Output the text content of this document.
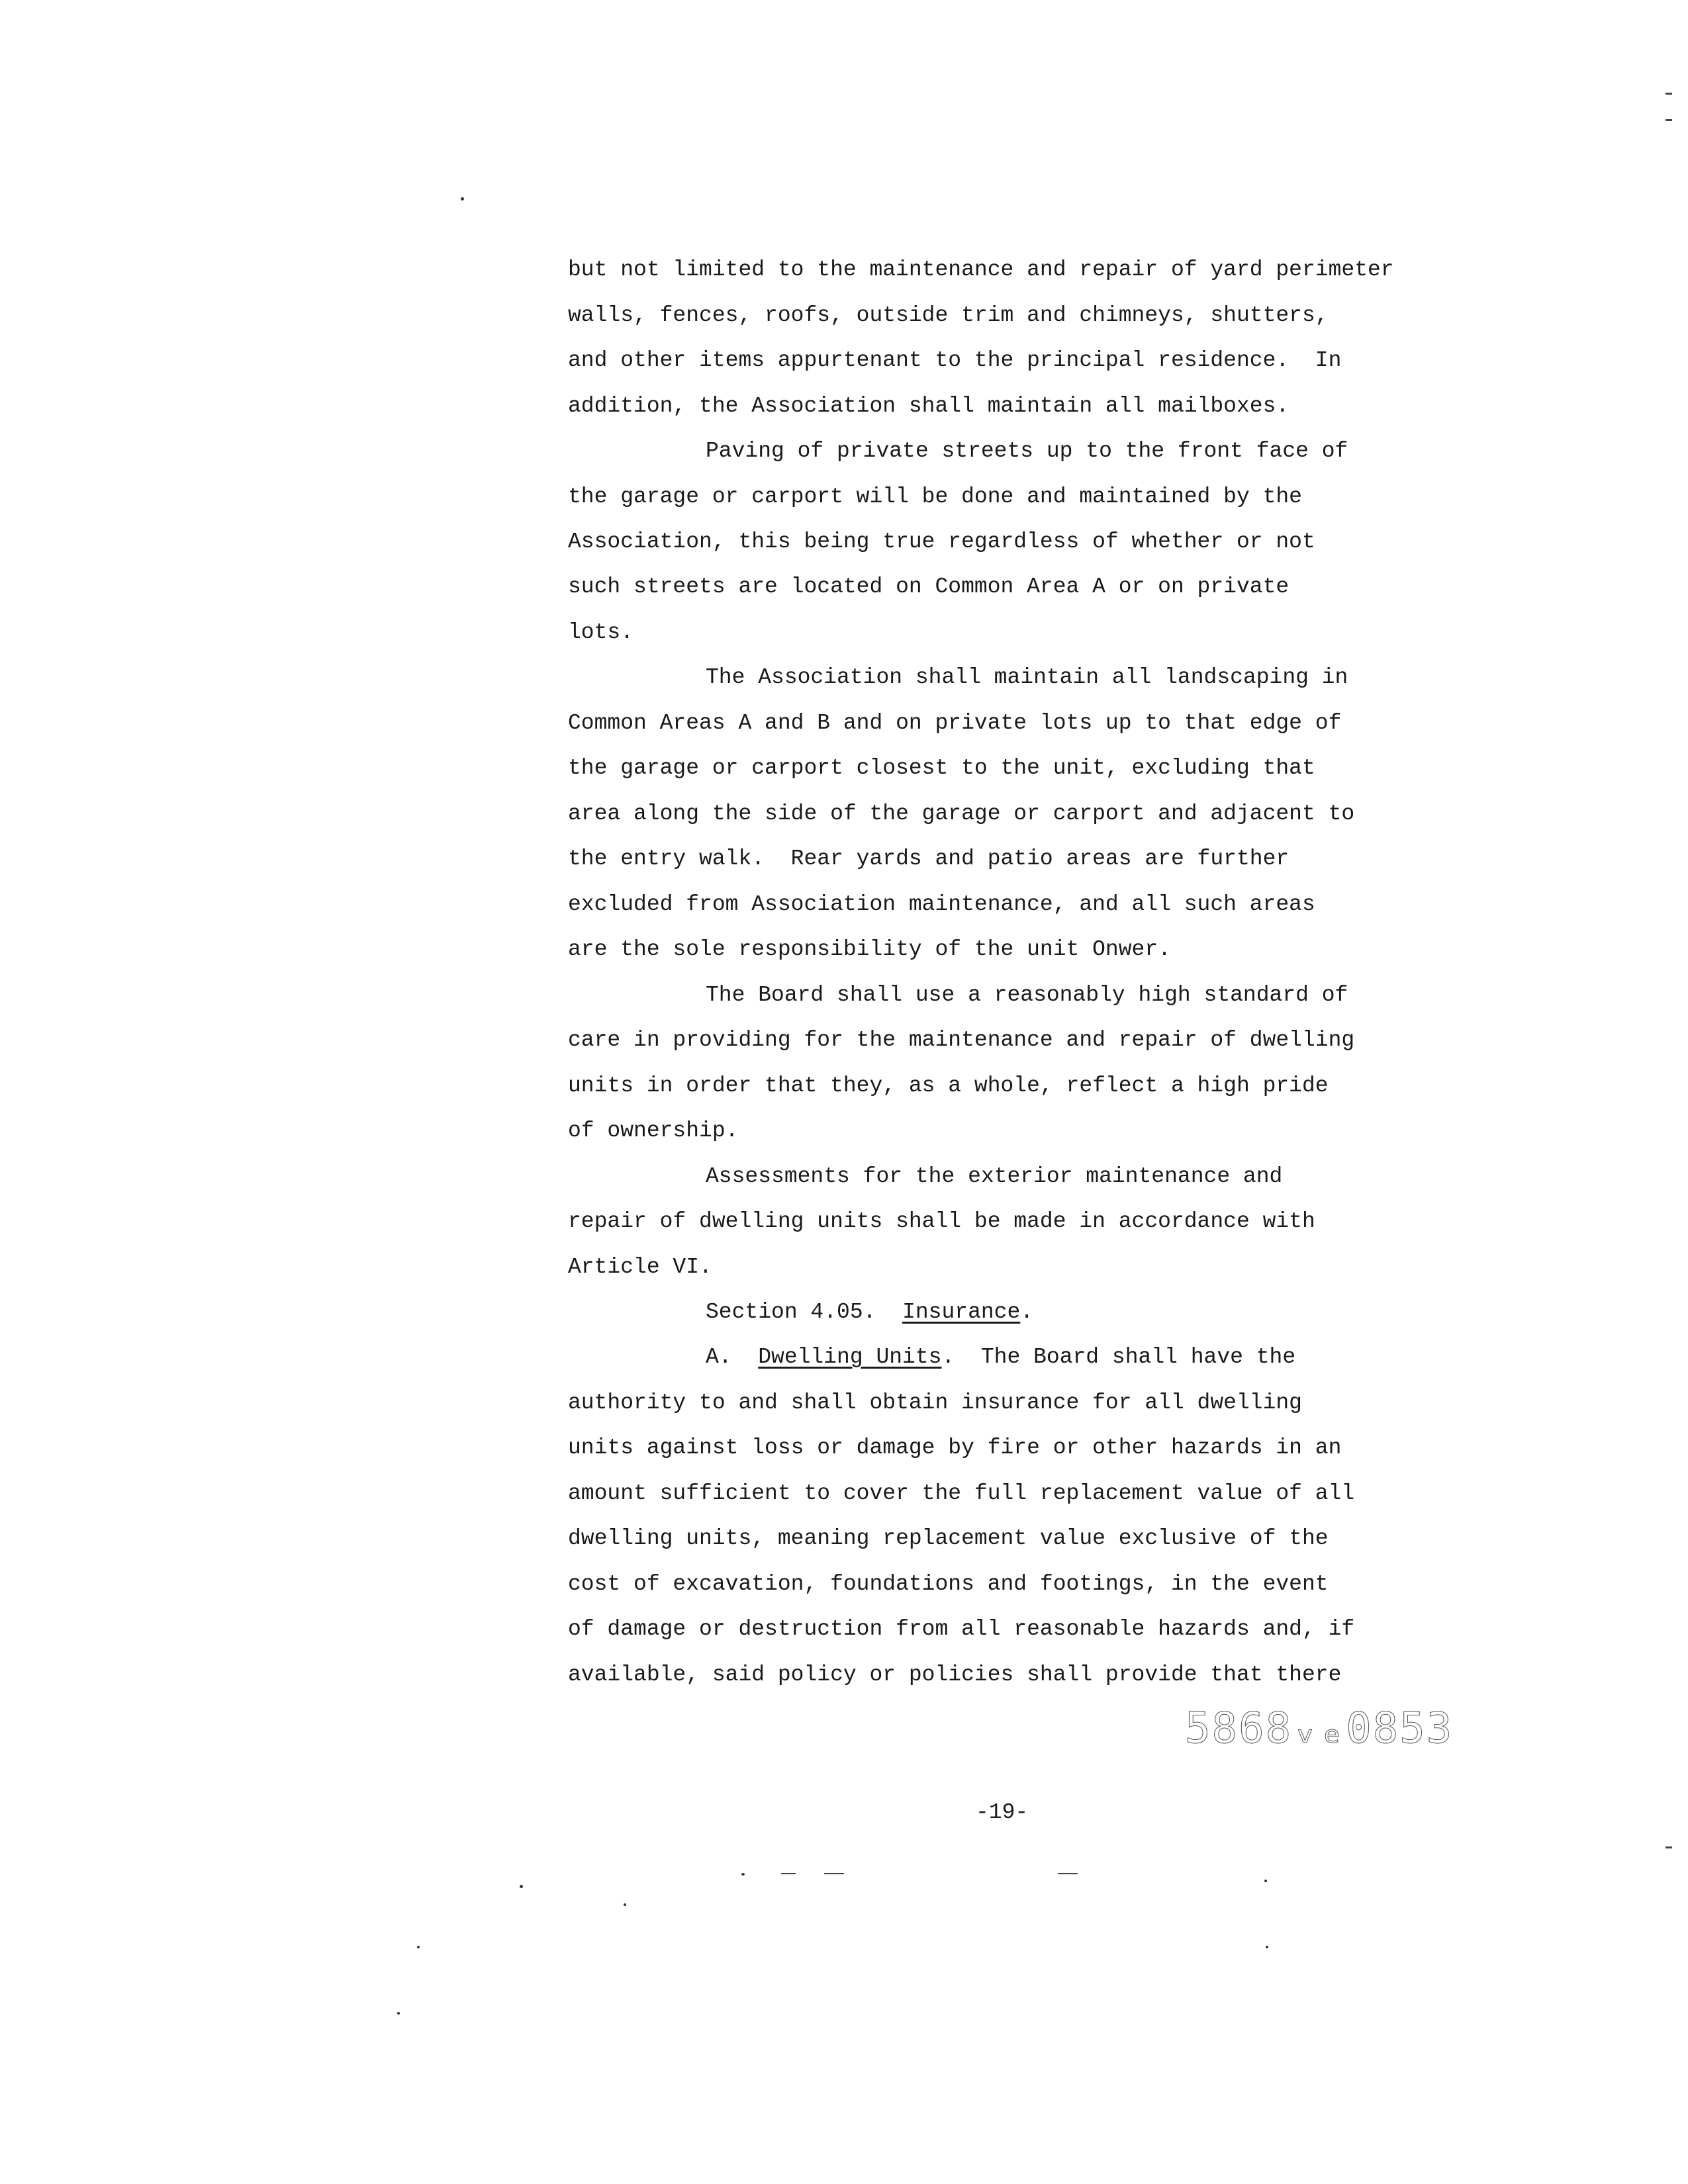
but not limited to the maintenance and repair of yard perimeter

walls, fences, roofs, outside trim and chimneys, shutters,

and other items appurtenant to the principal residence.  In

addition, the Association shall maintain all mailboxes.

Paving of private streets up to the front face of

the garage or carport will be done and maintained by the

Association, this being true regardless of whether or not

such streets are located on Common Area A or on private

lots.

The Association shall maintain all landscaping in

Common Areas A and B and on private lots up to that edge of

the garage or carport closest to the unit, excluding that

area along the side of the garage or carport and adjacent to

the entry walk.  Rear yards and patio areas are further

excluded from Association maintenance, and all such areas

are the sole responsibility of the unit Onwer.

The Board shall use a reasonably high standard of

care in providing for the maintenance and repair of dwelling

units in order that they, as a whole, reflect a high pride

of ownership.

Assessments for the exterior maintenance and

repair of dwelling units shall be made in accordance with

Article VI.

Section 4.05.  Insurance.

A.  Dwelling Units.  The Board shall have the

authority to and shall obtain insurance for all dwelling

units against loss or damage by fire or other hazards in an

amount sufficient to cover the full replacement value of all

dwelling units, meaning replacement value exclusive of the

cost of excavation, foundations and footings, in the event

of damage or destruction from all reasonable hazards and, if

available, said policy or policies shall provide that there

5868ᵥₑ0853

-19-
